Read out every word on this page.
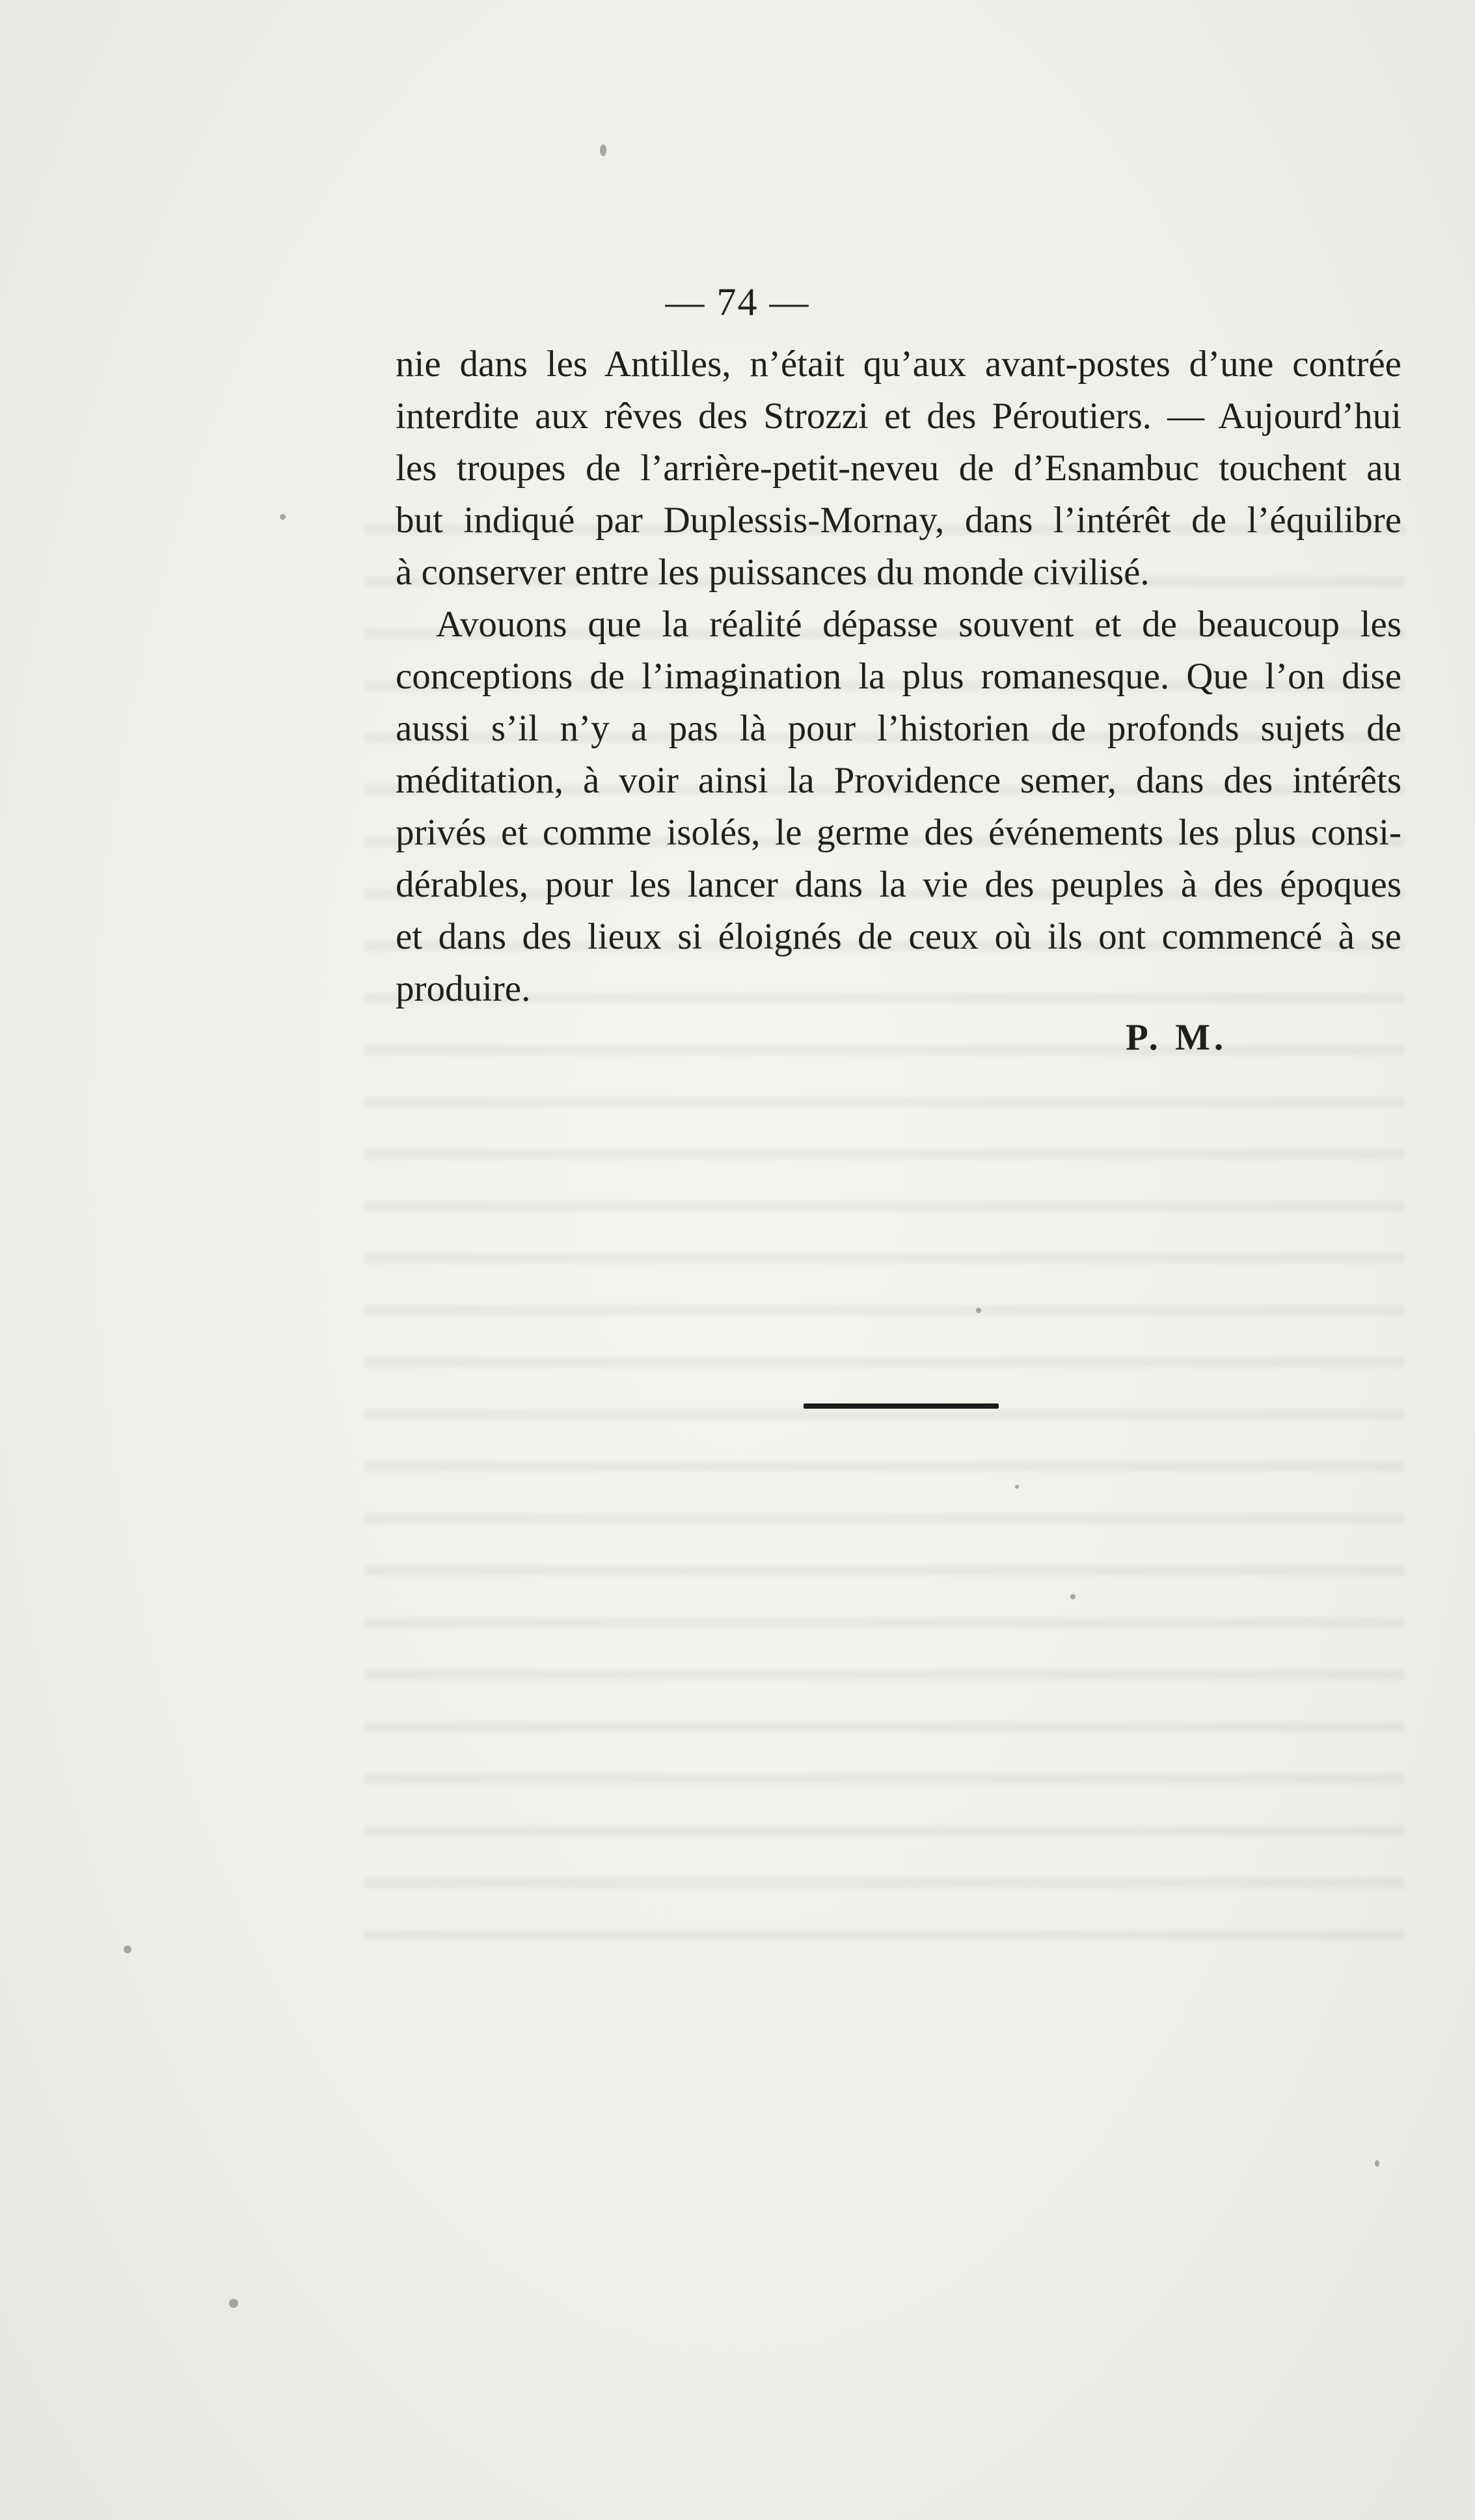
— 74 —
nie dans les Antilles, n’était qu’aux avant-postes d’une contrée
interdite aux rêves des Strozzi et des Péroutiers. — Aujourd’hui
les troupes de l’arrière-petit-neveu de d’Esnambuc touchent au
but indiqué par Duplessis-Mornay, dans l’intérêt de l’équilibre
à conserver entre les puissances du monde civilisé.
Avouons que la réalité dépasse souvent et de beaucoup les
conceptions de l’imagination la plus romanesque. Que l’on dise
aussi s’il n’y a pas là pour l’historien de profonds sujets de
méditation, à voir ainsi la Providence semer, dans des intérêts
privés et comme isolés, le germe des événements les plus consi-
dérables, pour les lancer dans la vie des peuples à des époques
et dans des lieux si éloignés de ceux où ils ont commencé à se
produire.
P. M.
